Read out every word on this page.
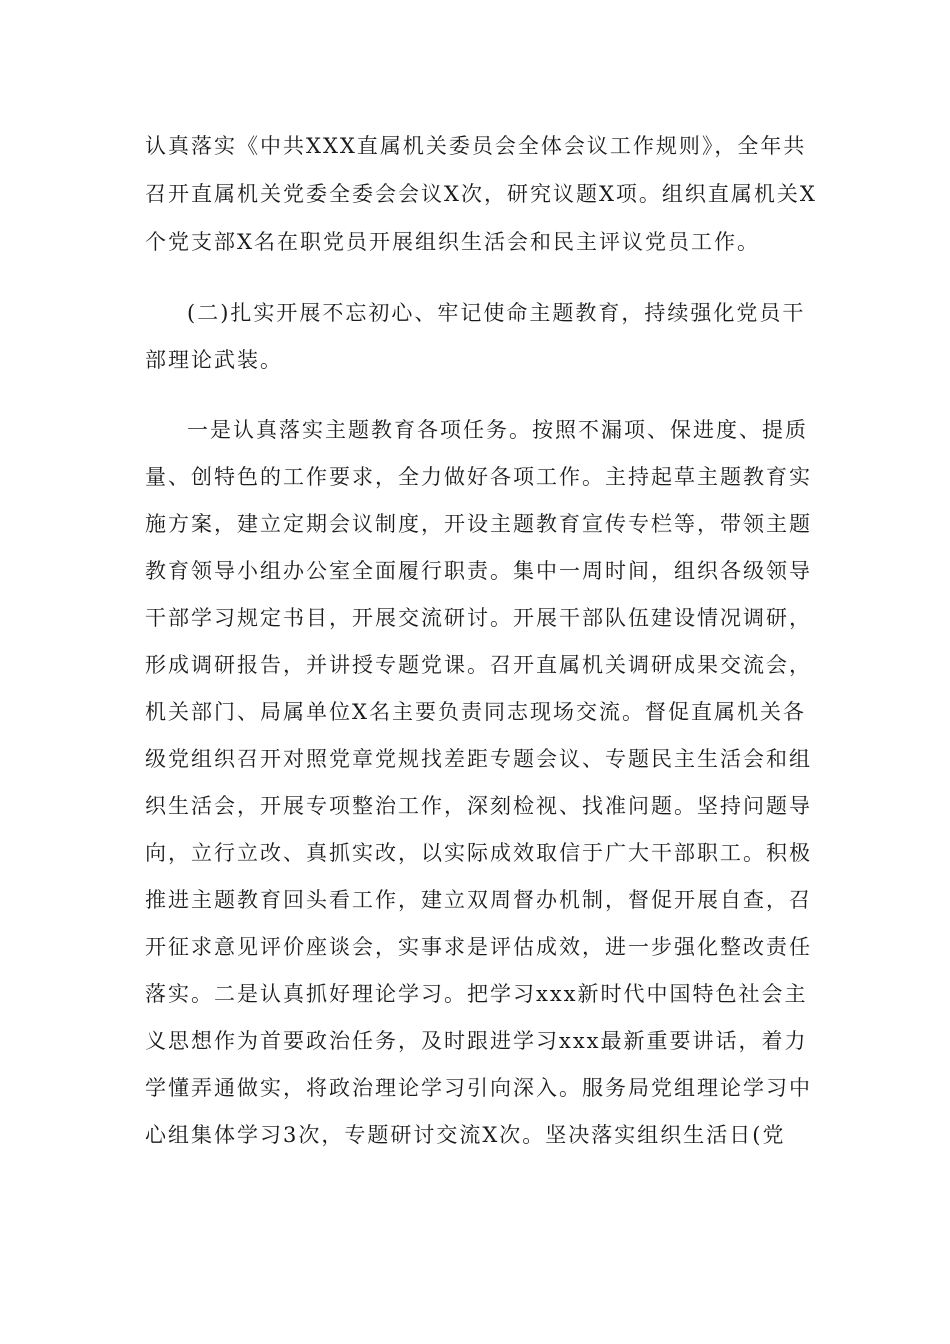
认真落实《中共XXX直属机关委员会全体会议工作规则》，全年共
召开直属机关党委全委会会议X次，研究议题X项。组织直属机关X
个党支部X名在职党员开展组织生活会和民主评议党员工作。
(二)扎实开展不忘初心、牢记使命主题教育，持续强化党员干
部理论武装。
一是认真落实主题教育各项任务。按照不漏项、保进度、提质
量、创特色的工作要求，全力做好各项工作。主持起草主题教育实
施方案，建立定期会议制度，开设主题教育宣传专栏等，带领主题
教育领导小组办公室全面履行职责。集中一周时间，组织各级领导
干部学习规定书目，开展交流研讨。开展干部队伍建设情况调研，
形成调研报告，并讲授专题党课。召开直属机关调研成果交流会，
机关部门、局属单位X名主要负责同志现场交流。督促直属机关各
级党组织召开对照党章党规找差距专题会议、专题民主生活会和组
织生活会，开展专项整治工作，深刻检视、找准问题。坚持问题导
向，立行立改、真抓实改，以实际成效取信于广大干部职工。积极
推进主题教育回头看工作，建立双周督办机制，督促开展自查，召
开征求意见评价座谈会，实事求是评估成效，进一步强化整改责任
落实。二是认真抓好理论学习。把学习xxx新时代中国特色社会主
义思想作为首要政治任务，及时跟进学习xxx最新重要讲话，着力
学懂弄通做实，将政治理论学习引向深入。服务局党组理论学习中
心组集体学习3次，专题研讨交流X次。坚决落实组织生活日(党
